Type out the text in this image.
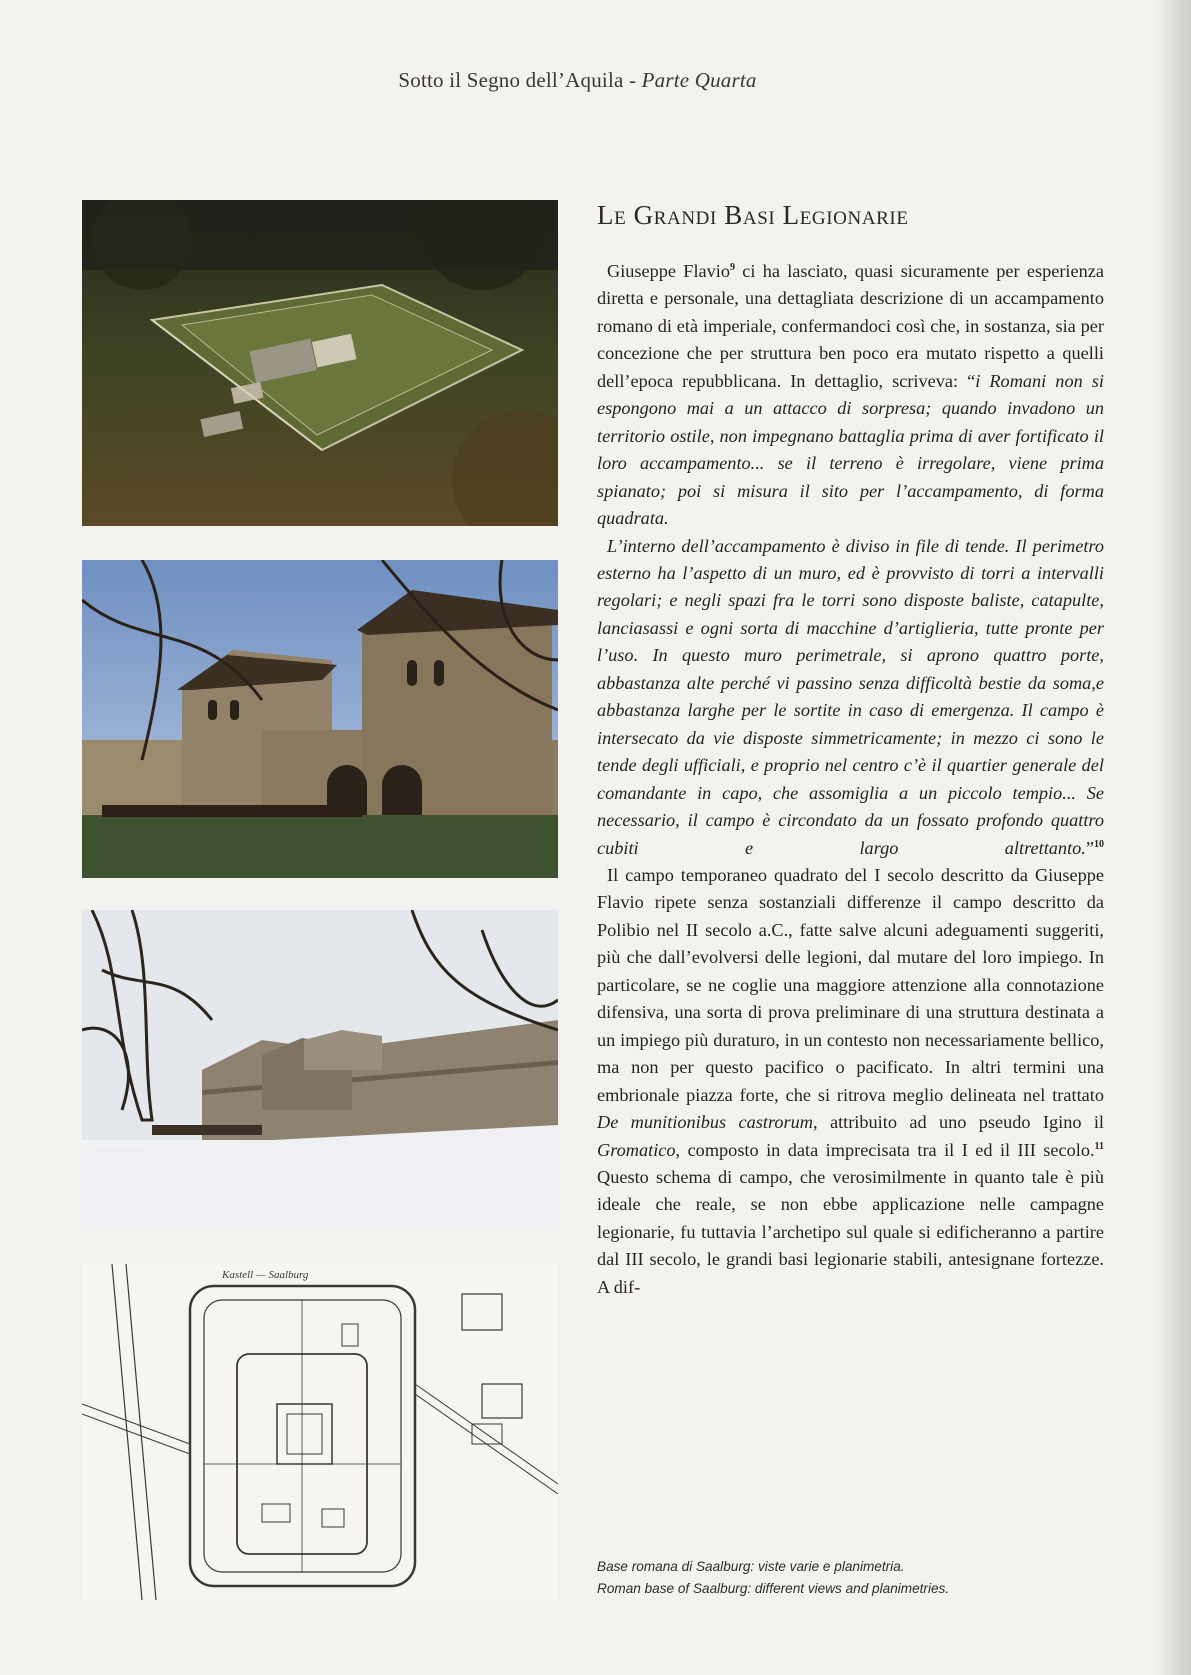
Sotto il Segno dell’Aquila - Parte Quarta
Kastell — Saalburg
Le Grandi Basi Legionarie

Giuseppe Flavio$^9$ ci ha lasciato, quasi sicuramente per esperienza diretta e personale, una dettagliata descrizione di un accampamento romano di età imperiale, confermandoci così che, in sostanza, sia per concezione che per struttura ben poco era mutato rispetto a quelli dell’epoca repubblicana. In dettaglio, scriveva: “i Romani non si espongono mai a un attacco di sorpresa; quando invadono un territorio ostile, non impegnano battaglia prima di aver fortificato il loro accampamento... se il terreno è irregolare, viene prima spianato; poi si misura il sito per l’accampamento, di forma quadrata.

L’interno dell’accampamento è diviso in file di tende. Il perimetro esterno ha l’aspetto di un muro, ed è provvisto di torri a intervalli regolari; e negli spazi fra le torri sono disposte baliste, catapulte, lanciasassi e ogni sorta di macchine d’artiglieria, tutte pronte per l’uso. In questo muro perimetrale, si aprono quattro porte, abbastanza alte perché vi passino senza difficoltà bestie da soma,e abbastanza larghe per le sortite in caso di emergenza. Il campo è intersecato da vie disposte simmetricamente; in mezzo ci sono le tende degli ufficiali, e proprio nel centro c’è il quartier generale del comandante in capo, che assomiglia a un piccolo tempio... Se necessario, il campo è circondato da un fossato profondo quattro cubiti e largo altrettanto.”$^{10}$

Il campo temporaneo quadrato del I secolo descritto da Giuseppe Flavio ripete senza sostanziali differenze il campo descritto da Polibio nel II secolo a.C., fatte salve alcuni adeguamenti suggeriti, più che dall’evolversi delle legioni, dal mutare del loro impiego. In particolare, se ne coglie una maggiore attenzione alla connotazione difensiva, una sorta di prova preliminare di una struttura destinata a un impiego più duraturo, in un contesto non necessariamente bellico, ma non per questo pacifico o pacificato. In altri termini una embrionale piazza forte, che si ritrova meglio delineata nel trattato De munitionibus castrorum, attribuito ad uno pseudo Igino il Gromatico, composto in data imprecisata tra il I ed il III secolo.$^{11}$ Questo schema di campo, che verosimilmente in quanto tale è più ideale che reale, se non ebbe applicazione nelle campagne legionarie, fu tuttavia l’archetipo sul quale si edificheranno a partire dal III secolo, le grandi basi legionarie stabili, antesignane fortezze. A dif-

Base romana di Saalburg: viste varie e planimetria.
Roman base of Saalburg: different views and planimetries.
